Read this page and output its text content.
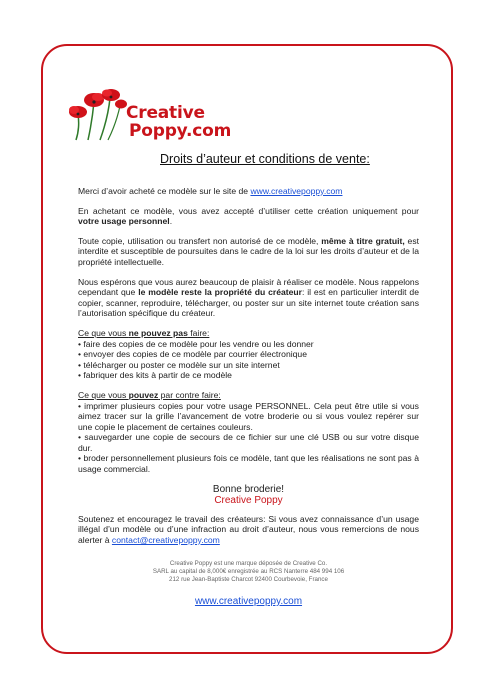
Creative
Poppy.com
Droits d’auteur et conditions de vente:

Merci d’avoir acheté ce modèle sur le site de www.creativepoppy.com

En achetant ce modèle, vous avez accepté d’utiliser cette création uniquement pour votre usage personnel.

Toute copie, utilisation ou transfert non autorisé de ce modèle, même à titre gratuit, est interdite et susceptible de poursuites dans le cadre de la loi sur les droits d’auteur et de la propriété intellectuelle.

Nous espérons que vous aurez beaucoup de plaisir à réaliser ce modèle. Nous rappelons cependant que le modèle reste la propriété du créateur: il est en particulier interdit de copier, scanner, reproduire, télécharger, ou poster sur un site internet toute création sans l’autorisation spécifique du créateur.

Ce que vous ne pouvez pas faire:
• faire des copies de ce modèle pour les vendre ou les donner
• envoyer des copies de ce modèle par courrier électronique
• télécharger ou poster ce modèle sur un site internet
• fabriquer des kits à partir de ce modèle
Ce que vous pouvez par contre faire:
• imprimer plusieurs copies pour votre usage PERSONNEL. Cela peut être utile si vous aimez tracer sur la grille l’avancement de votre broderie ou si vous voulez repérer sur une copie le placement de certaines couleurs.
• sauvegarder une copie de secours de ce fichier sur une clé USB ou sur votre disque dur.
• broder personnellement plusieurs fois ce modèle, tant que les réalisations ne sont pas à usage commercial.
Bonne broderie!
Creative Poppy

Soutenez et encouragez le travail des créateurs: Si vous avez connaissance d’un usage illégal d’un modèle ou d’une infraction au droit d’auteur, nous vous remercions de nous alerter à contact@creativepoppy.com

Creative Poppy est une marque déposée de Creative Co.
SARL au capital de 8,000€ enregistrée au RCS Nanterre 484 994 106
212 rue Jean-Baptiste Charcot 92400 Courbevoie, France
www.creativepoppy.com
